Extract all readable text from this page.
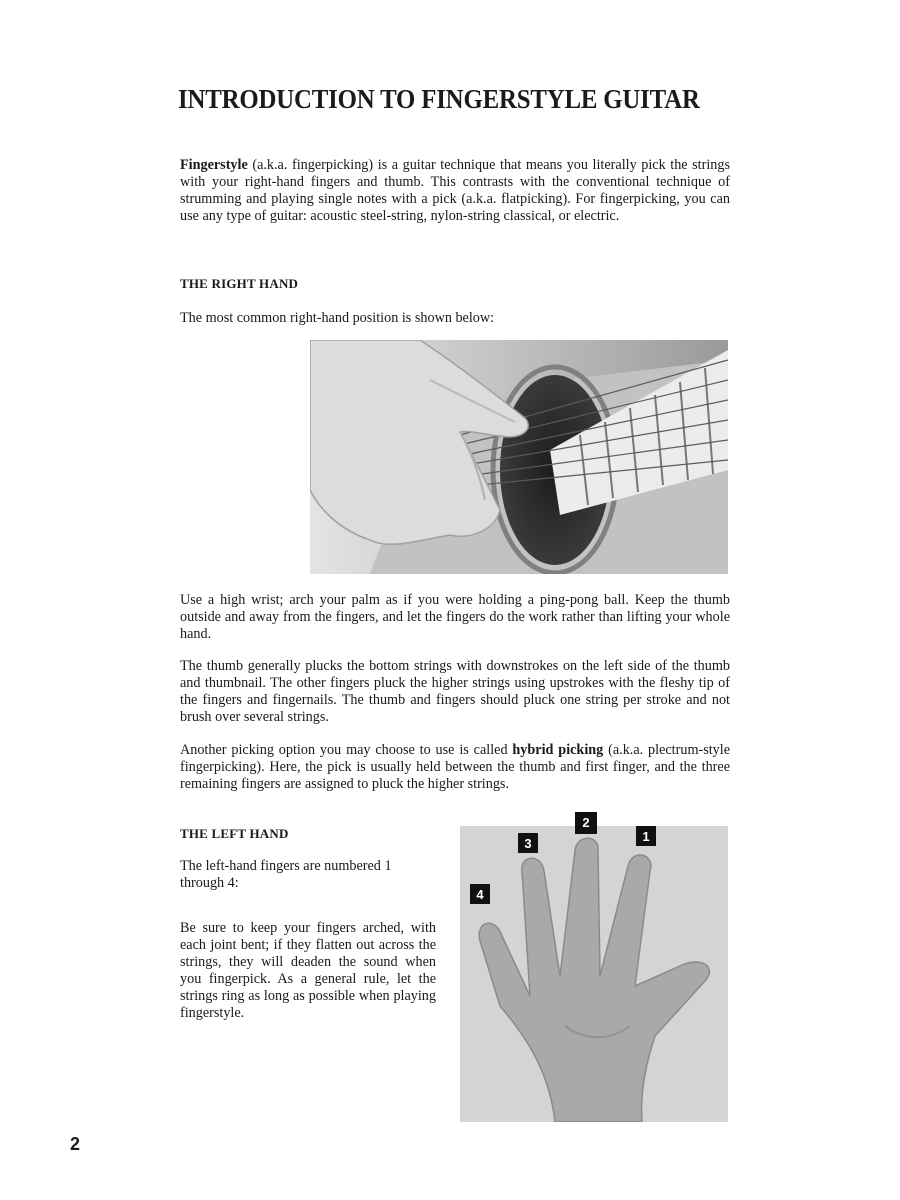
INTRODUCTION TO FINGERSTYLE GUITAR

Fingerstyle (a.k.a. fingerpicking) is a guitar technique that means you literally pick the strings with your right-hand fingers and thumb. This contrasts with the conventional technique of strumming and playing single notes with a pick (a.k.a. flatpicking). For fingerpicking, you can use any type of guitar: acoustic steel-string, nylon-string classical, or electric.

THE RIGHT HAND

The most common right-hand position is shown below:

Use a high wrist; arch your palm as if you were holding a ping-pong ball. Keep the thumb outside and away from the fingers, and let the fingers do the work rather than lifting your whole hand.

The thumb generally plucks the bottom strings with downstrokes on the left side of the thumb and thumbnail. The other fingers pluck the higher strings using upstrokes with the fleshy tip of the fingers and fingernails. The thumb and fingers should pluck one string per stroke and not brush over several strings.

Another picking option you may choose to use is called hybrid picking (a.k.a. plectrum-style fingerpicking). Here, the pick is usually held between the thumb and first finger, and the three remaining fingers are assigned to pluck the higher strings.

THE LEFT HAND

The left-hand fingers are numbered 1 through 4:

Be sure to keep your fingers arched, with each joint bent; if they flatten out across the strings, they will deaden the sound when you fingerpick. As a general rule, let the strings ring as long as possible when playing fingerstyle.

4
3	1
2
2
